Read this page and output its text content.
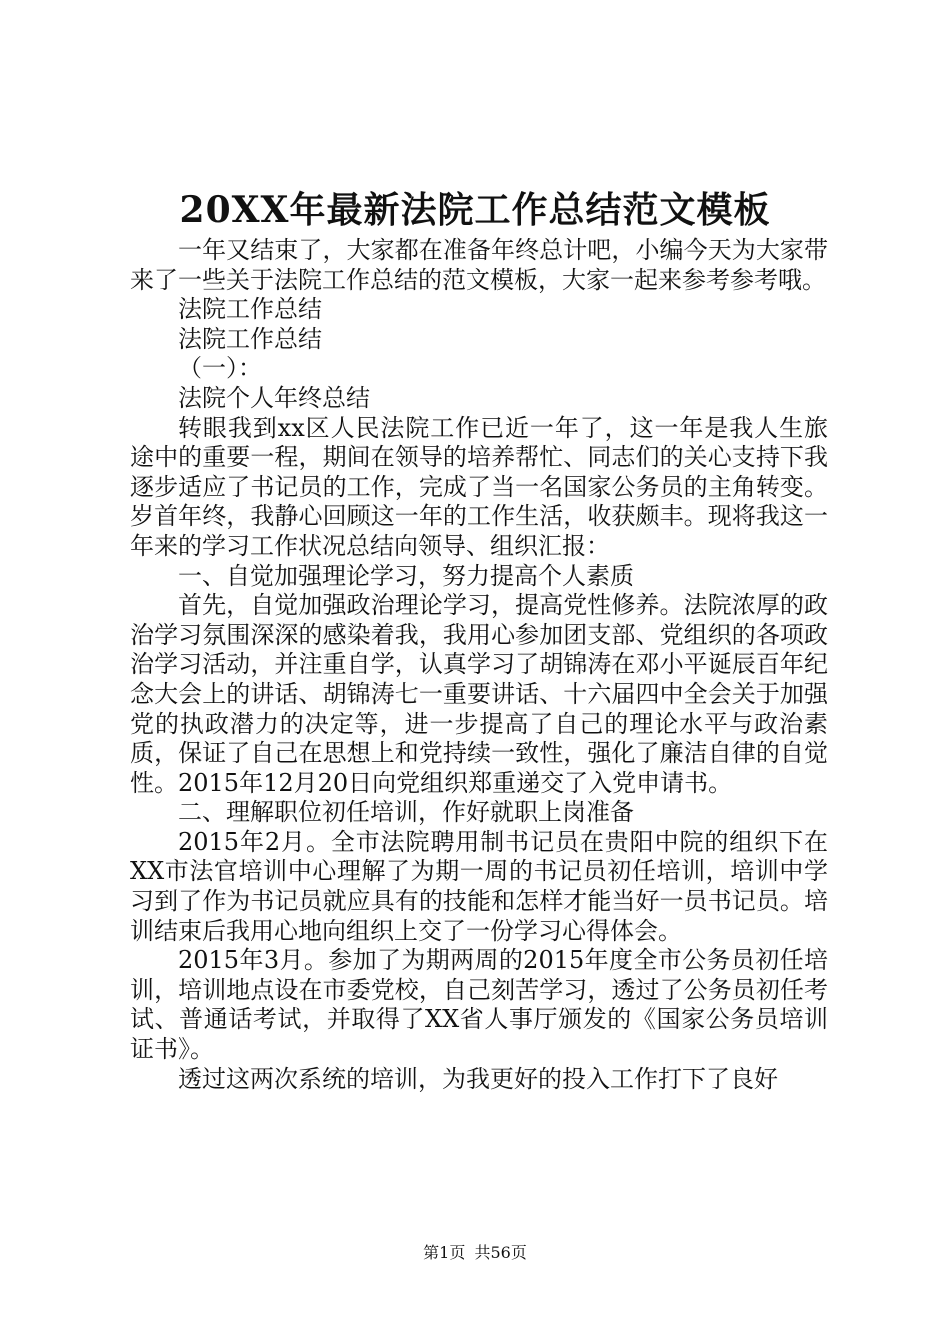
20XX年最新法院工作总结范文模板

一年又结束了，大家都在准备年终总计吧，小编今天为大家带来了一些关于法院工作总结的范文模板，大家一起来参考参考哦。

法院工作总结

法院工作总结

（一）：

法院个人年终总结

转眼我到xx区人民法院工作已近一年了，这一年是我人生旅途中的重要一程，期间在领导的培养帮忙、同志们的关心支持下我逐步适应了书记员的工作，完成了当一名国家公务员的主角转变。岁首年终，我静心回顾这一年的工作生活，收获颇丰。现将我这一年来的学习工作状况总结向领导、组织汇报：

一、自觉加强理论学习，努力提高个人素质

首先，自觉加强政治理论学习，提高党性修养。法院浓厚的政治学习氛围深深的感染着我，我用心参加团支部、党组织的各项政治学习活动，并注重自学，认真学习了胡锦涛在邓小平诞辰百年纪念大会上的讲话、胡锦涛七一重要讲话、十六届四中全会关于加强党的执政潜力的决定等，进一步提高了自己的理论水平与政治素质，保证了自己在思想上和党持续一致性，强化了廉洁自律的自觉性。2015年12月20日向党组织郑重递交了入党申请书。

二、理解职位初任培训，作好就职上岗准备

2015年2月。全市法院聘用制书记员在贵阳中院的组织下在XX市法官培训中心理解了为期一周的书记员初任培训，培训中学习到了作为书记员就应具有的技能和怎样才能当好一员书记员。培训结束后我用心地向组织上交了一份学习心得体会。

2015年3月。参加了为期两周的2015年度全市公务员初任培训，培训地点设在市委党校，自己刻苦学习，透过了公务员初任考试、普通话考试，并取得了XX省人事厅颁发的《国家公务员培训证书》。

透过这两次系统的培训，为我更好的投入工作打下了良好

第1页 共56页
